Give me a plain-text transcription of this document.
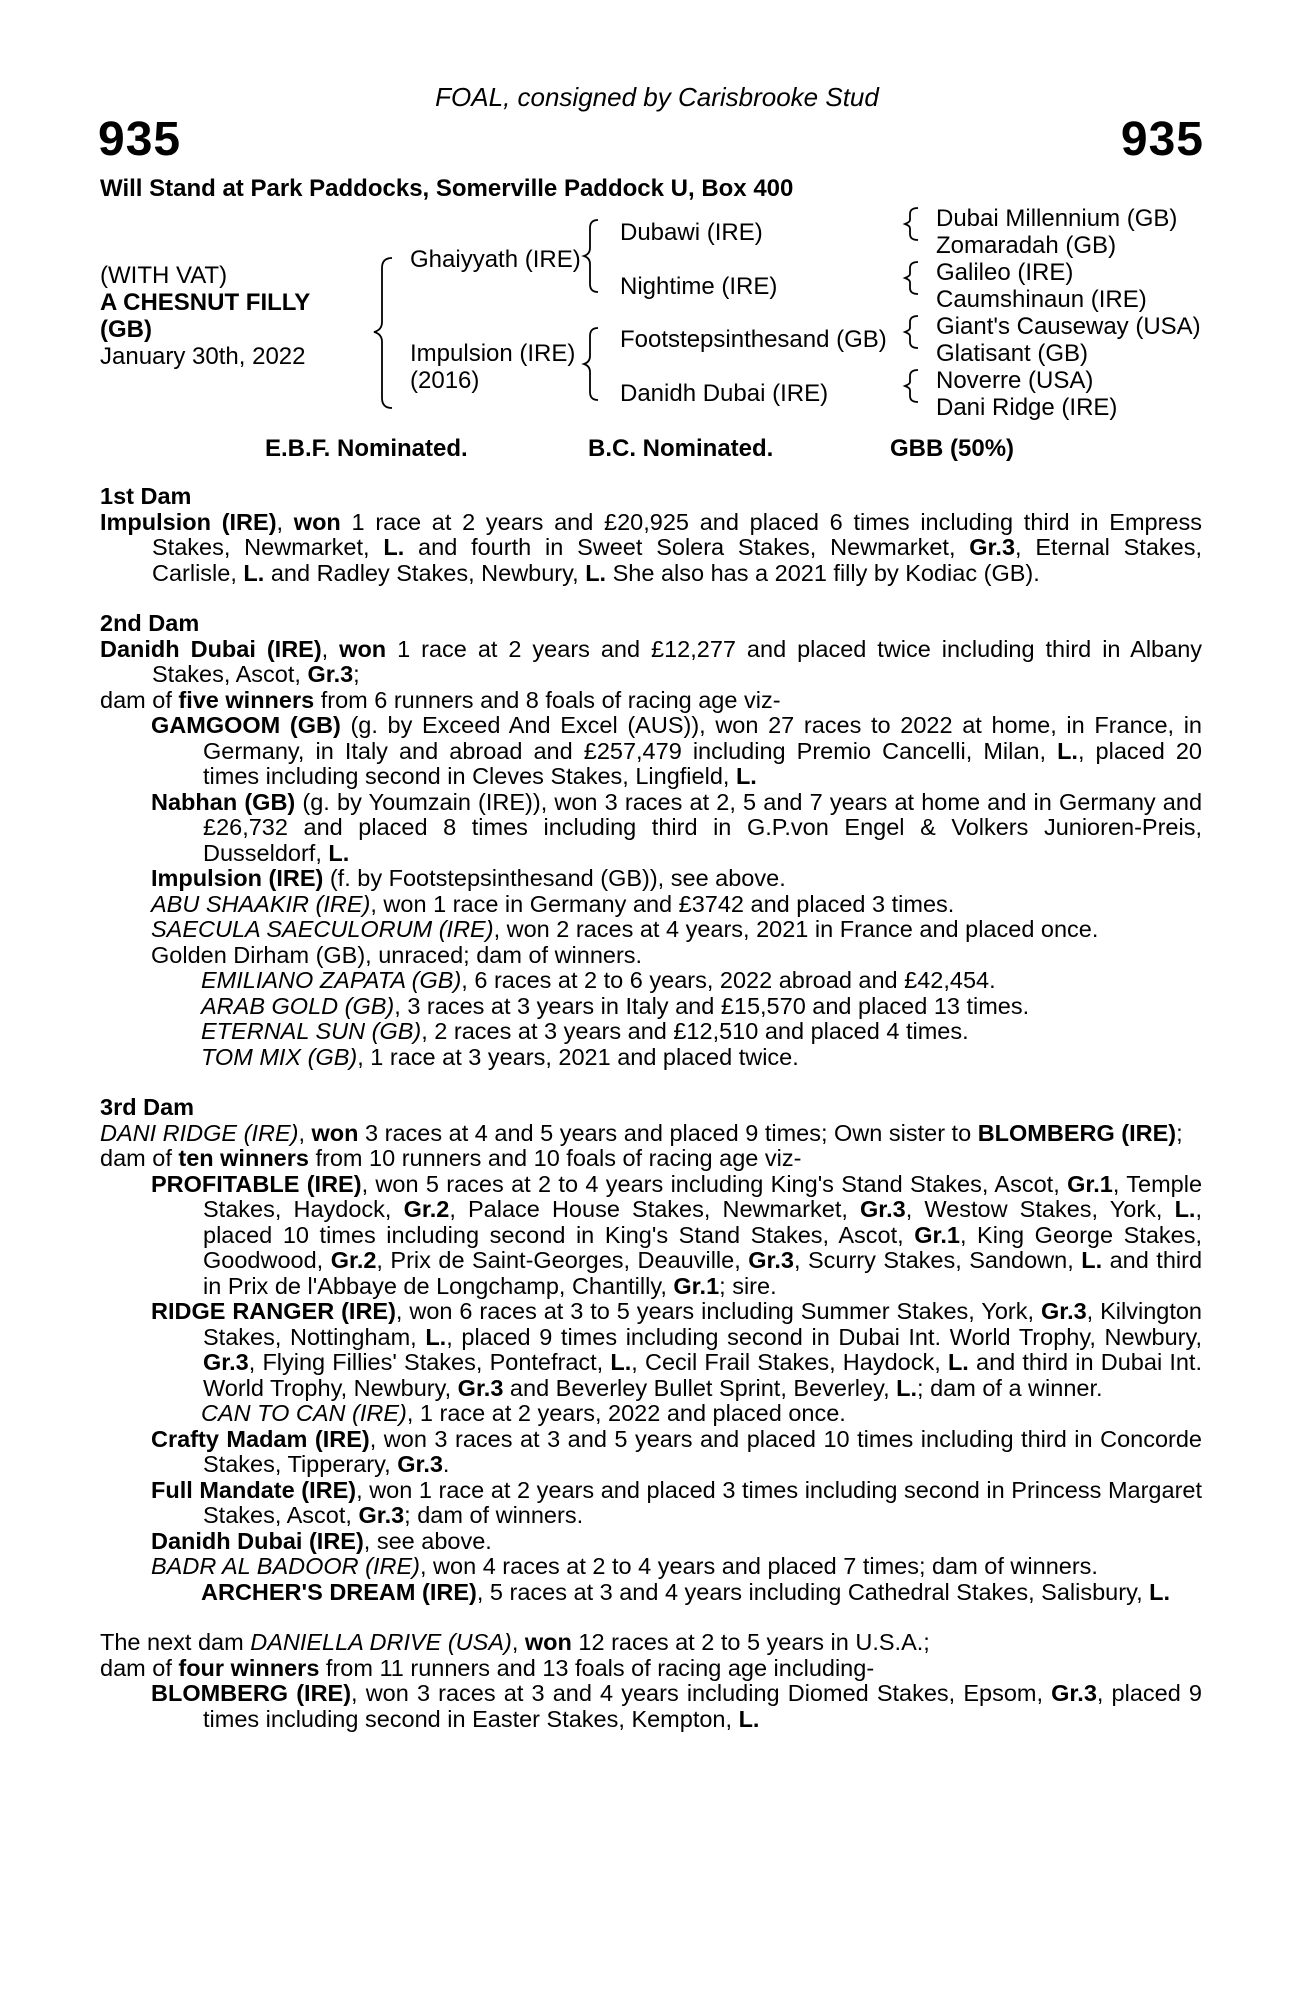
FOAL, consigned by Carisbrooke Stud
935	935
Will Stand at Park Paddocks, Somerville Paddock U, Box 400
(WITH VAT)
A CHESNUT FILLY
(GB)
January 30th, 2022
Ghaiyyath (IRE)
Impulsion (IRE)
(2016)
Dubawi (IRE)
Nightime (IRE)
Footstepsinthesand (GB)
Danidh Dubai (IRE)
Dubai Millennium (GB)
Zomaradah (GB)
Galileo (IRE)
Caumshinaun (IRE)
Giant's Causeway (USA)
Glatisant (GB)
Noverre (USA)
Dani Ridge (IRE)
E.B.F. Nominated.	B.C. Nominated.	GBB (50%)

1st Dam

Impulsion (IRE), won 1 race at 2 years and £20,925 and placed 6 times including third in Empress Stakes, Newmarket, L. and fourth in Sweet Solera Stakes, Newmarket, Gr.3, Eternal Stakes, Carlisle, L. and Radley Stakes, Newbury, L. She also has a 2021 filly by Kodiac (GB).

2nd Dam

Danidh Dubai (IRE), won 1 race at 2 years and £12,277 and placed twice including third in Albany Stakes, Ascot, Gr.3;

dam of five winners from 6 runners and 8 foals of racing age viz-

GAMGOOM (GB) (g. by Exceed And Excel (AUS)), won 27 races to 2022 at home, in France, in Germany, in Italy and abroad and £257,479 including Premio Cancelli, Milan, L., placed 20 times including second in Cleves Stakes, Lingfield, L.

Nabhan (GB) (g. by Youmzain (IRE)), won 3 races at 2, 5 and 7 years at home and in Germany and £26,732 and placed 8 times including third in G.P.von Engel & Volkers Junioren-Preis, Dusseldorf, L.

Impulsion (IRE) (f. by Footstepsinthesand (GB)), see above.

ABU SHAAKIR (IRE), won 1 race in Germany and £3742 and placed 3 times.

SAECULA SAECULORUM (IRE), won 2 races at 4 years, 2021 in France and placed once.

Golden Dirham (GB), unraced; dam of winners.

EMILIANO ZAPATA (GB), 6 races at 2 to 6 years, 2022 abroad and £42,454.

ARAB GOLD (GB), 3 races at 3 years in Italy and £15,570 and placed 13 times.

ETERNAL SUN (GB), 2 races at 3 years and £12,510 and placed 4 times.

TOM MIX (GB), 1 race at 3 years, 2021 and placed twice.

3rd Dam

DANI RIDGE (IRE), won 3 races at 4 and 5 years and placed 9 times; Own sister to BLOMBERG (IRE);

dam of ten winners from 10 runners and 10 foals of racing age viz-

PROFITABLE (IRE), won 5 races at 2 to 4 years including King's Stand Stakes, Ascot, Gr.1, Temple Stakes, Haydock, Gr.2, Palace House Stakes, Newmarket, Gr.3, Westow Stakes, York, L., placed 10 times including second in King's Stand Stakes, Ascot, Gr.1, King George Stakes, Goodwood, Gr.2, Prix de Saint-Georges, Deauville, Gr.3, Scurry Stakes, Sandown, L. and third in Prix de l'Abbaye de Longchamp, Chantilly, Gr.1; sire.

RIDGE RANGER (IRE), won 6 races at 3 to 5 years including Summer Stakes, York, Gr.3, Kilvington Stakes, Nottingham, L., placed 9 times including second in Dubai Int. World Trophy, Newbury, Gr.3, Flying Fillies' Stakes, Pontefract, L., Cecil Frail Stakes, Haydock, L. and third in Dubai Int. World Trophy, Newbury, Gr.3 and Beverley Bullet Sprint, Beverley, L.; dam of a winner.

CAN TO CAN (IRE), 1 race at 2 years, 2022 and placed once.

Crafty Madam (IRE), won 3 races at 3 and 5 years and placed 10 times including third in Concorde Stakes, Tipperary, Gr.3.

Full Mandate (IRE), won 1 race at 2 years and placed 3 times including second in Princess Margaret Stakes, Ascot, Gr.3; dam of winners.

Danidh Dubai (IRE), see above.

BADR AL BADOOR (IRE), won 4 races at 2 to 4 years and placed 7 times; dam of winners.

ARCHER'S DREAM (IRE), 5 races at 3 and 4 years including Cathedral Stakes, Salisbury, L.

The next dam DANIELLA DRIVE (USA), won 12 races at 2 to 5 years in U.S.A.;

dam of four winners from 11 runners and 13 foals of racing age including-

BLOMBERG (IRE), won 3 races at 3 and 4 years including Diomed Stakes, Epsom, Gr.3, placed 9 times including second in Easter Stakes, Kempton, L.
